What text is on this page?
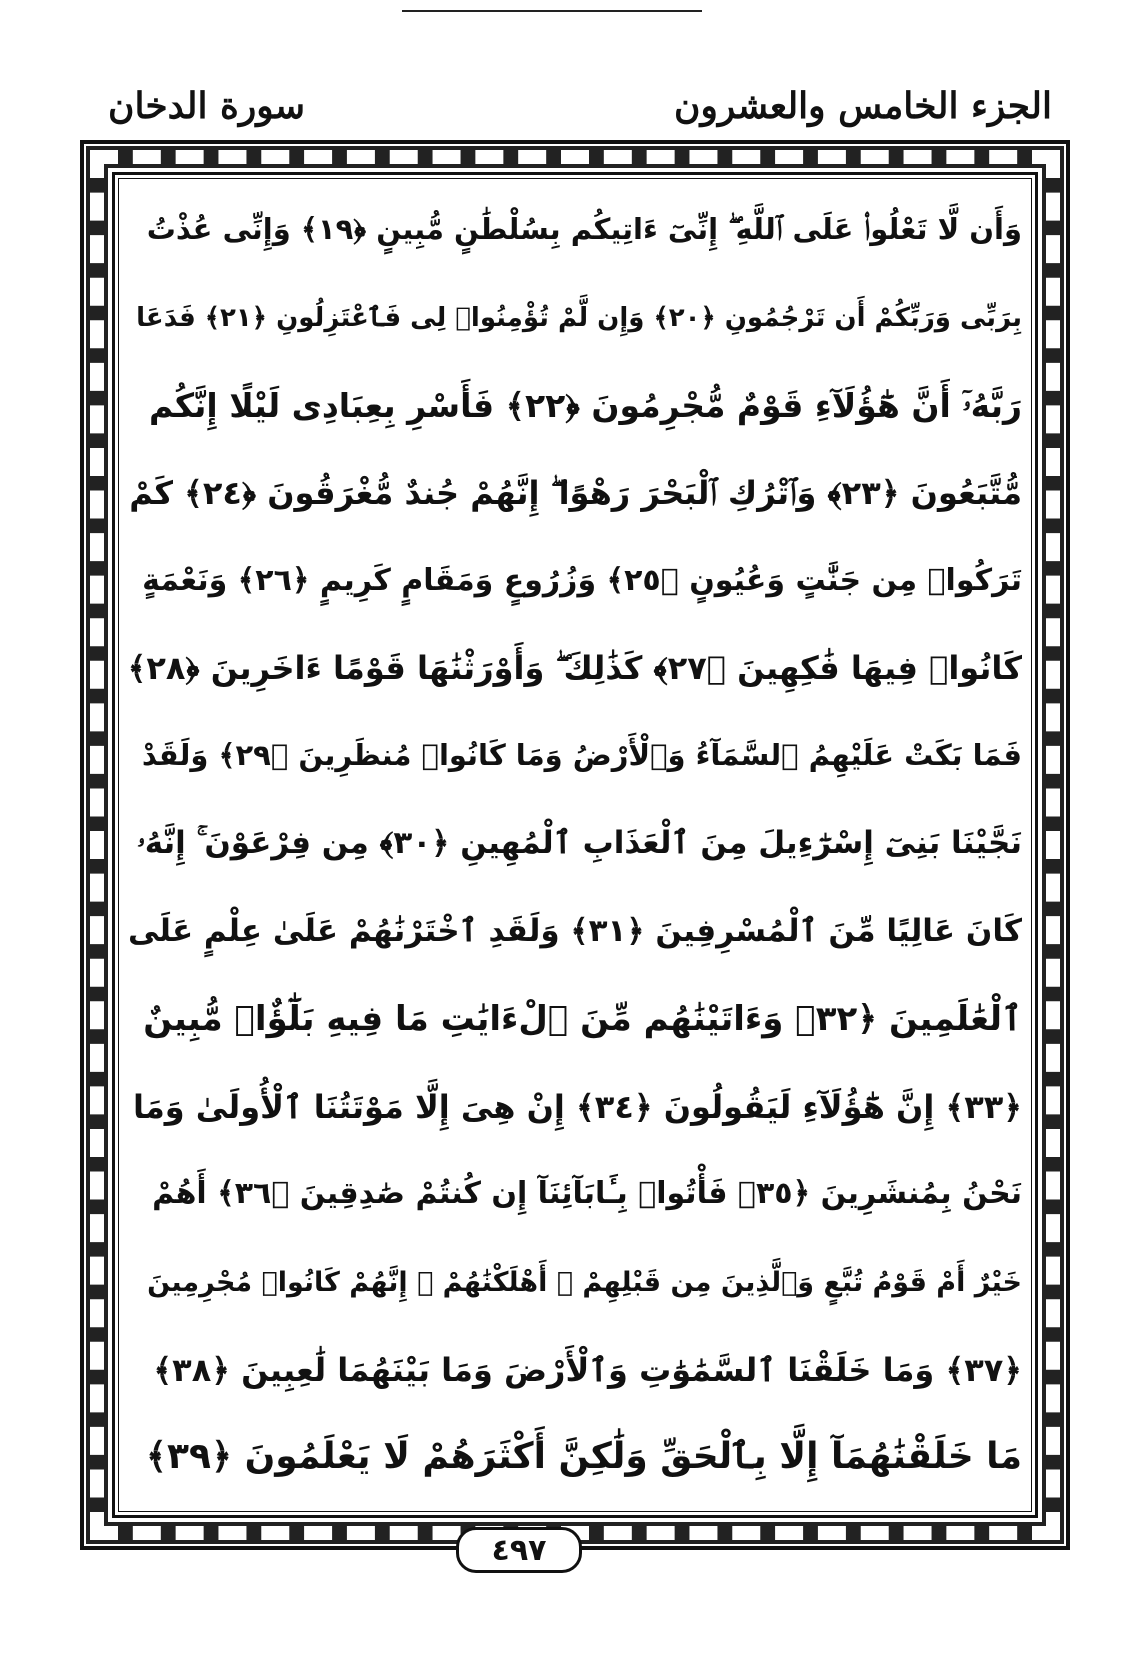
سورة الدخان	الجزء الخامس والعشرون
وَأَن لَّا تَعْلُوا۟ عَلَى ٱللَّهِ ۖ إِنِّىٓ ءَاتِيكُم بِسُلْطَٰنٍ مُّبِينٍ ﴿١٩﴾ وَإِنِّى عُذْتُ
بِرَبِّى وَرَبِّكُمْ أَن تَرْجُمُونِ ﴿٢٠﴾ وَإِن لَّمْ تُؤْمِنُوا۟ لِى فَٱعْتَزِلُونِ ﴿٢١﴾ فَدَعَا
رَبَّهُۥٓ أَنَّ هَٰٓؤُلَآءِ قَوْمٌ مُّجْرِمُونَ ﴿٢٢﴾ فَأَسْرِ بِعِبَادِى لَيْلًا إِنَّكُم
مُّتَّبَعُونَ ﴿٢٣﴾ وَٱتْرُكِ ٱلْبَحْرَ رَهْوًا ۖ إِنَّهُمْ جُندٌ مُّغْرَقُونَ ﴿٢٤﴾ كَمْ
تَرَكُوا۟ مِن جَنَّٰتٍ وَعُيُونٍ ﴿٢٥﴾ وَزُرُوعٍ وَمَقَامٍ كَرِيمٍ ﴿٢٦﴾ وَنَعْمَةٍ
كَانُوا۟ فِيهَا فَٰكِهِينَ ﴿٢٧﴾ كَذَٰلِكَ ۖ وَأَوْرَثْنَٰهَا قَوْمًا ءَاخَرِينَ ﴿٢٨﴾
فَمَا بَكَتْ عَلَيْهِمُ ٱلسَّمَآءُ وَٱلْأَرْضُ وَمَا كَانُوا۟ مُنظَرِينَ ﴿٢٩﴾ وَلَقَدْ
نَجَّيْنَا بَنِىٓ إِسْرَٰٓءِيلَ مِنَ ٱلْعَذَابِ ٱلْمُهِينِ ﴿٣٠﴾ مِن فِرْعَوْنَ ۚ إِنَّهُۥ
كَانَ عَالِيًا مِّنَ ٱلْمُسْرِفِينَ ﴿٣١﴾ وَلَقَدِ ٱخْتَرْنَٰهُمْ عَلَىٰ عِلْمٍ عَلَى
ٱلْعَٰلَمِينَ ﴿٣٢﴾ وَءَاتَيْنَٰهُم مِّنَ ٱلْءَايَٰتِ مَا فِيهِ بَلَٰٓؤٌا۟ مُّبِينٌ
﴿٣٣﴾ إِنَّ هَٰٓؤُلَآءِ لَيَقُولُونَ ﴿٣٤﴾ إِنْ هِىَ إِلَّا مَوْتَتُنَا ٱلْأُولَىٰ وَمَا
نَحْنُ بِمُنشَرِينَ ﴿٣٥﴾ فَأْتُوا۟ بِـَٔابَآئِنَآ إِن كُنتُمْ صَٰدِقِينَ ﴿٣٦﴾ أَهُمْ
خَيْرٌ أَمْ قَوْمُ تُبَّعٍ وَٱلَّذِينَ مِن قَبْلِهِمْ ۚ أَهْلَكْنَٰهُمْ ۖ إِنَّهُمْ كَانُوا۟ مُجْرِمِينَ
﴿٣٧﴾ وَمَا خَلَقْنَا ٱلسَّمَٰوَٰتِ وَٱلْأَرْضَ وَمَا بَيْنَهُمَا لَٰعِبِينَ ﴿٣٨﴾
مَا خَلَقْنَٰهُمَآ إِلَّا بِٱلْحَقِّ وَلَٰكِنَّ أَكْثَرَهُمْ لَا يَعْلَمُونَ ﴿٣٩﴾
٤٩٧
